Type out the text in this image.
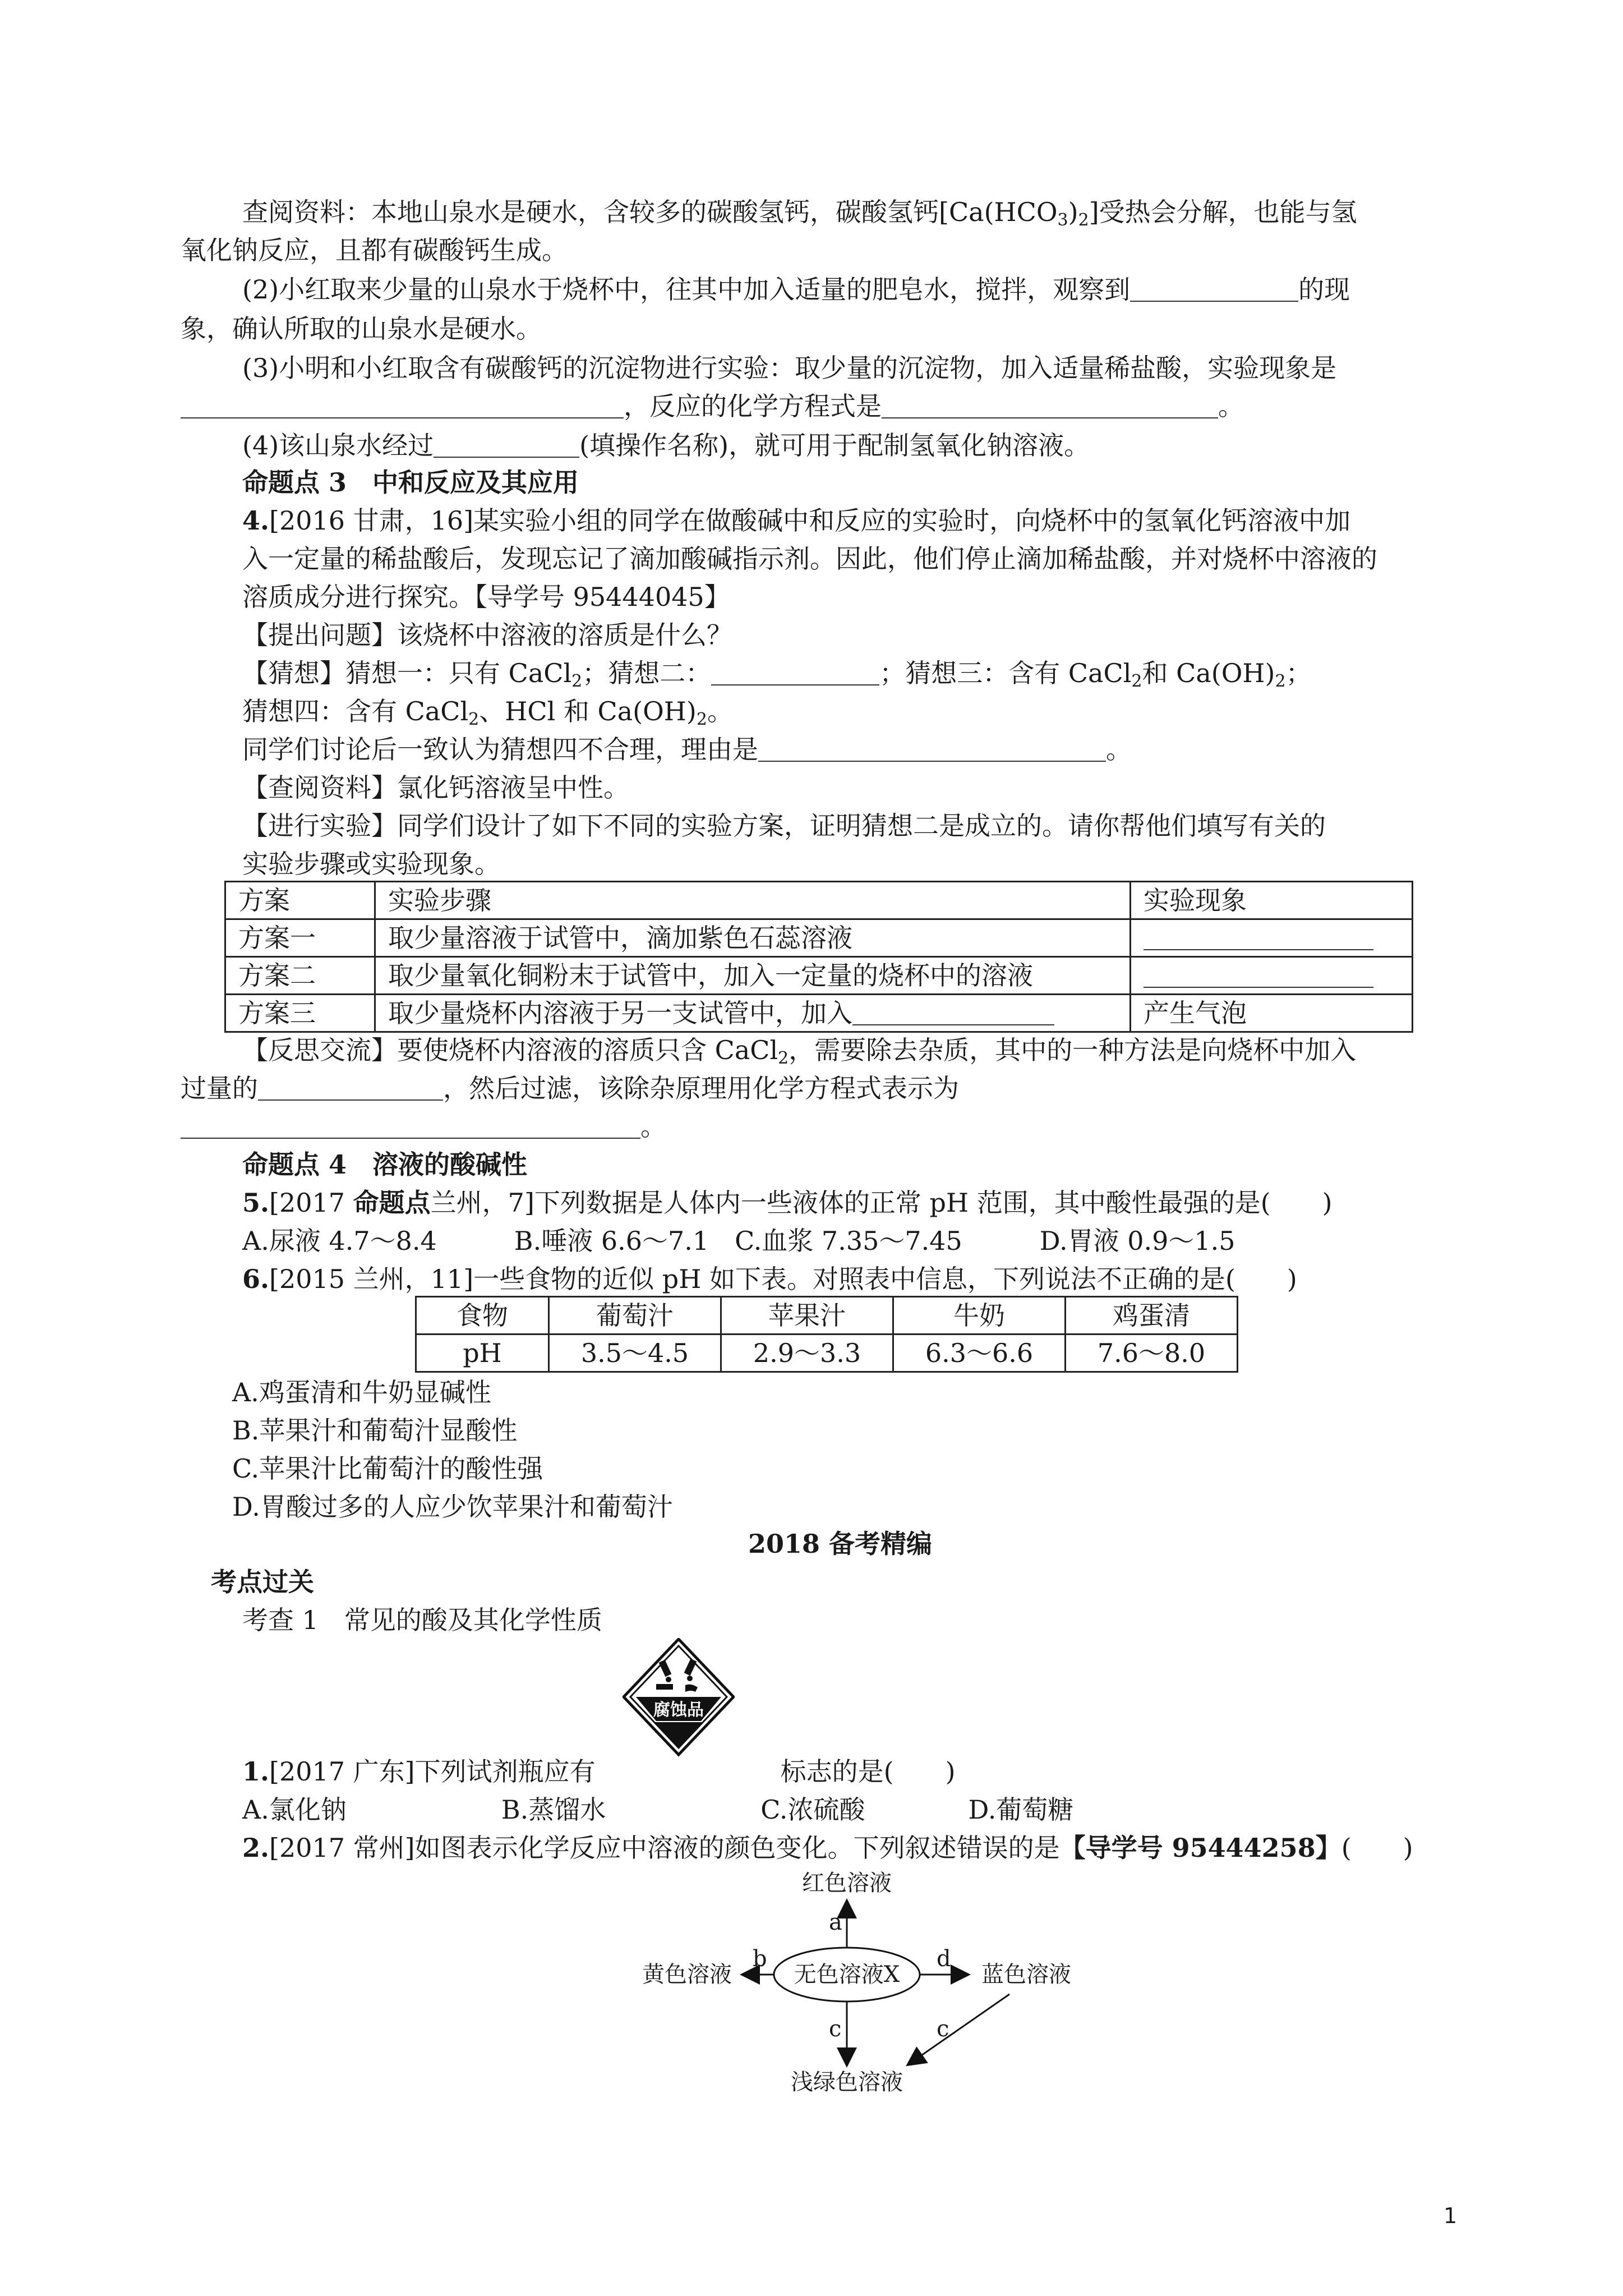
查阅资料：本地山泉水是硬水，含较多的碳酸氢钙，碳酸氢钙$[Ca(HCO_3)_2]$受热会分解，也能与氢
氧化钠反应，且都有碳酸钙生成。
(2)小红取来少量的山泉水于烧杯中，往其中加入适量的肥皂水，搅拌，观察到	的现
象，确认所取的山泉水是硬水。
(3)小明和小红取含有碳酸钙的沉淀物进行实验：取少量的沉淀物，加入适量稀盐酸，实验现象是
，反应的化学方程式是	。
(4)该山泉水经过	(填操作名称)，就可用于配制氢氧化钠溶液。
命题点 3　中和反应及其应用
4.[2016 甘肃，16]某实验小组的同学在做酸碱中和反应的实验时，向烧杯中的氢氧化钙溶液中加
入一定量的稀盐酸后，发现忘记了滴加酸碱指示剂。因此，他们停止滴加稀盐酸，并对烧杯中溶液的
溶质成分进行探究。【导学号 95444045】
【提出问题】该烧杯中溶液的溶质是什么？
【猜想】猜想一：只有 CaCl$_2$；猜想二：	；猜想三：含有 CaCl$_2$和 $Ca(OH)_2$；
猜想四：含有 CaCl$_2$、HCl 和 $Ca(OH)_2$。
同学们讨论后一致认为猜想四不合理，理由是	。
【查阅资料】氯化钙溶液呈中性。
【进行实验】同学们设计了如下不同的实验方案，证明猜想二是成立的。请你帮他们填写有关的
实验步骤或实验现象。
方案	实验步骤	实验现象
方案一	取少量溶液于试管中，滴加紫色石蕊溶液	
方案二	取少量氧化铜粉末于试管中，加入一定量的烧杯中的溶液	
方案三	取少量烧杯内溶液于另一支试管中，加入	产生气泡
【反思交流】要使烧杯内溶液的溶质只含 CaCl$_2$，需要除去杂质，其中的一种方法是向烧杯中加入
过量的	，然后过滤，该除杂原理用化学方程式表示为
。
命题点 4　溶液的酸碱性
5.[2017 命题点兰州，7]下列数据是人体内一些液体的正常 pH 范围，其中酸性最强的是(　　)
A.尿液 4.7～8.4　　　B.唾液 6.6～7.1　C.血浆 7.35～7.45　　　D.胃液 0.9～1.5
6.[2015 兰州，11]一些食物的近似 pH 如下表。对照表中信息，下列说法不正确的是(　　)
食物	葡萄汁	苹果汁	牛奶	鸡蛋清
pH	3.5～4.5	2.9～3.3	6.3～6.6	7.6～8.0
A.鸡蛋清和牛奶显碱性
B.苹果汁和葡萄汁显酸性
C.苹果汁比葡萄汁的酸性强
D.胃酸过多的人应少饮苹果汁和葡萄汁
2018 备考精编
考点过关
考查 1　常见的酸及其化学性质
腐蚀品
1.[2017 广东]下列试剂瓶应有	标志的是(　　)
A.氯化钠　　　　　　B.蒸馏水　　　　　　C.浓硫酸　　　　D.葡萄糖
2.[2017 常州]如图表示化学反应中溶液的颜色变化。下列叙述错误的是【导学号 95444258】(　　)
红色溶液
黄色溶液	蓝色溶液
浅绿色溶液
无色溶液X
a
b
c
d
c
1
